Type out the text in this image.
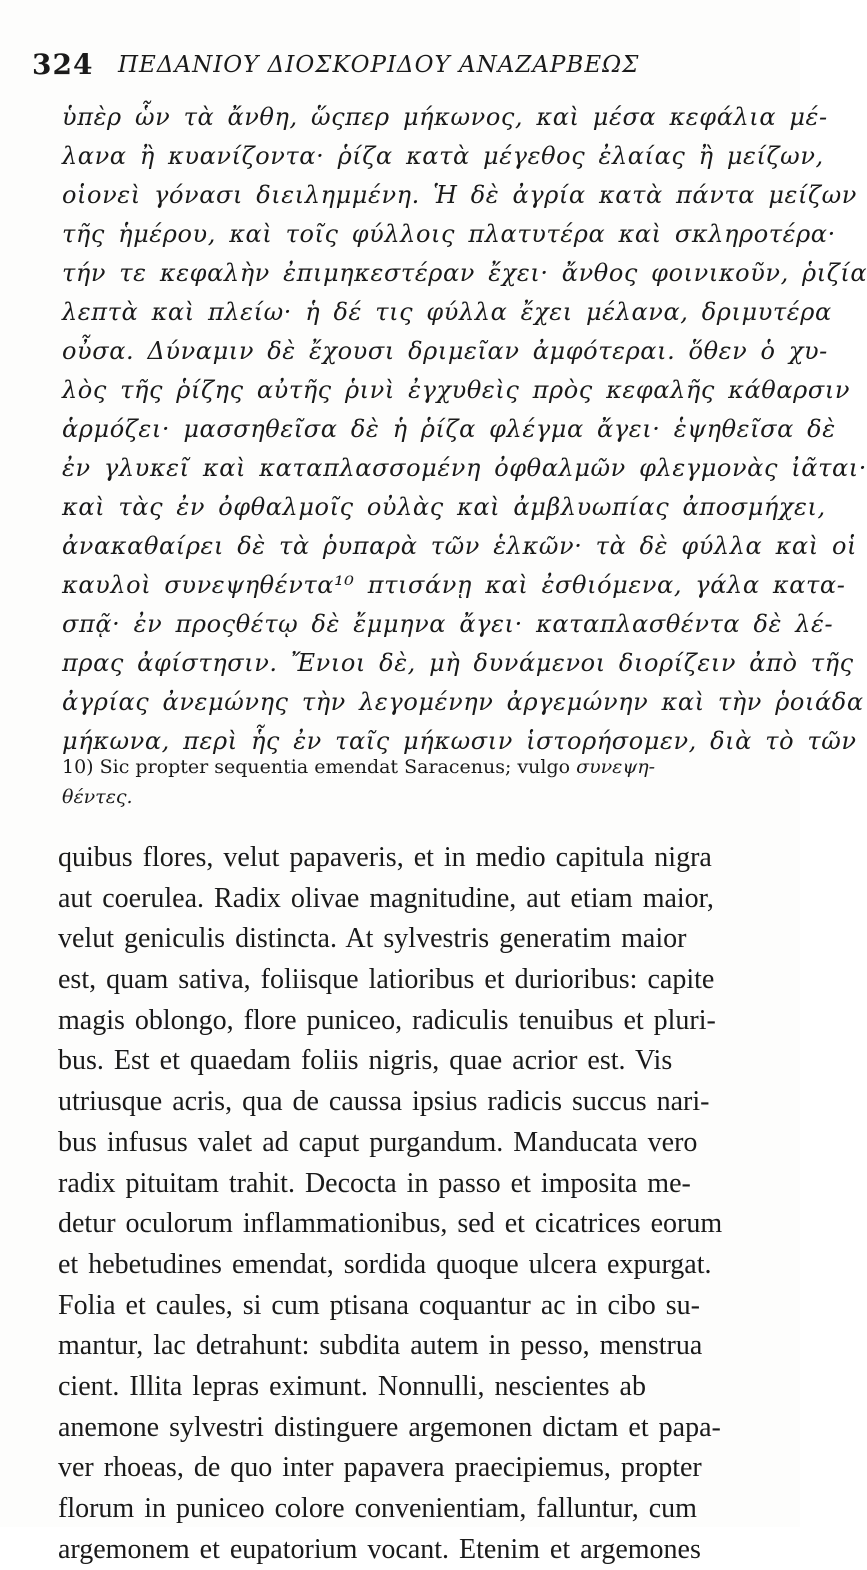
324 ΠΕΔΑΝΙΟΥ ΔΙΟΣΚΟΡΙΔΟΥ ΑΝΑΖΑΡΒΕΩΣ
ὑπὲρ ὧν τὰ ἄνθη, ὥςπερ μήκωνος, καὶ μέσα κεφάλια μέ-
λανα ἢ κυανίζοντα· ῥίζα κατὰ μέγεθος ἐλαίας ἢ μείζων,
οἱονεὶ γόνασι διειλημμένη. Ἡ δὲ ἀγρία κατὰ πάντα μείζων
τῆς ἡμέρου, καὶ τοῖς φύλλοις πλατυτέρα καὶ σκληροτέρα·
τήν τε κεφαλὴν ἐπιμηκεστέραν ἔχει· ἄνθος φοινικοῦν, ῥιζία
λεπτὰ καὶ πλείω· ἡ δέ τις φύλλα ἔχει μέλανα, δριμυτέρα
οὖσα. Δύναμιν δὲ ἔχουσι δριμεῖαν ἀμφότεραι. ὅθεν ὁ χυ-
λὸς τῆς ῥίζης αὐτῆς ῥινὶ ἐγχυθεὶς πρὸς κεφαλῆς κάθαρσιν
ἁρμόζει· μασσηθεῖσα δὲ ἡ ῥίζα φλέγμα ἄγει· ἑψηθεῖσα δὲ
ἐν γλυκεῖ καὶ καταπλασσομένη ὀφθαλμῶν φλεγμονὰς ἰᾶται·
καὶ τὰς ἐν ὀφθαλμοῖς οὐλὰς καὶ ἀμβλυωπίας ἀποσμήχει,
ἀνακαθαίρει δὲ τὰ ῥυπαρὰ τῶν ἑλκῶν· τὰ δὲ φύλλα καὶ οἱ
καυλοὶ συνεψηθέντα¹⁰ πτισάνῃ καὶ ἐσθιόμενα, γάλα κατα-
σπᾷ· ἐν προςθέτῳ δὲ ἔμμηνα ἄγει· καταπλασθέντα δὲ λέ-
πρας ἀφίστησιν. Ἔνιοι δὲ, μὴ δυνάμενοι διορίζειν ἀπὸ τῆς
ἀγρίας ἀνεμώνης τὴν λεγομένην ἀργεμώνην καὶ τὴν ῥοιάδα
μήκωνα, περὶ ἧς ἐν ταῖς μήκωσιν ἱστορήσομεν, διὰ τὸ τῶν
10) Sic propter sequentia emendat Saracenus; vulgo συνεψη-
θέντες.
quibus flores, velut papaveris, et in medio capitula nigra
aut coerulea. Radix olivae magnitudine, aut etiam maior,
velut geniculis distincta. At sylvestris generatim maior
est, quam sativa, foliisque latioribus et durioribus: capite
magis oblongo, flore puniceo, radiculis tenuibus et pluri-
bus. Est et quaedam foliis nigris, quae acrior est. Vis
utriusque acris, qua de caussa ipsius radicis succus nari-
bus infusus valet ad caput purgandum. Manducata vero
radix pituitam trahit. Decocta in passo et imposita me-
detur oculorum inflammationibus, sed et cicatrices eorum
et hebetudines emendat, sordida quoque ulcera expurgat.
Folia et caules, si cum ptisana coquantur ac in cibo su-
mantur, lac detrahunt: subdita autem in pesso, menstrua
cient. Illita lepras eximunt. Nonnulli, nescientes ab
anemone sylvestri distinguere argemonen dictam et papa-
ver rhoeas, de quo inter papavera praecipiemus, propter
florum in puniceo colore convenientiam, falluntur, cum
argemonem et eupatorium vocant. Etenim et argemones
